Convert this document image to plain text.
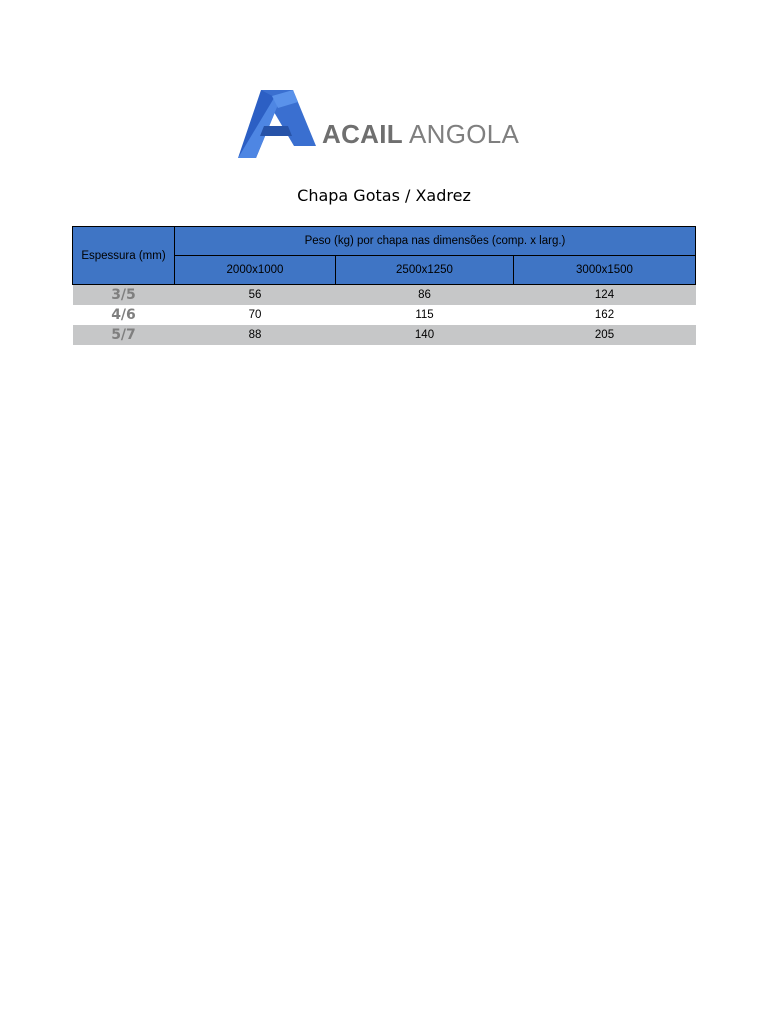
ACAIL ANGOLA
Chapa Gotas / Xadrez
Espessura (mm)	Peso (kg) por chapa nas dimensões (comp. x larg.)		
	2000x1000	2500x1250	3000x1500
3/5	56	86	124
4/6	70	115	162
5/7	88	140	205
